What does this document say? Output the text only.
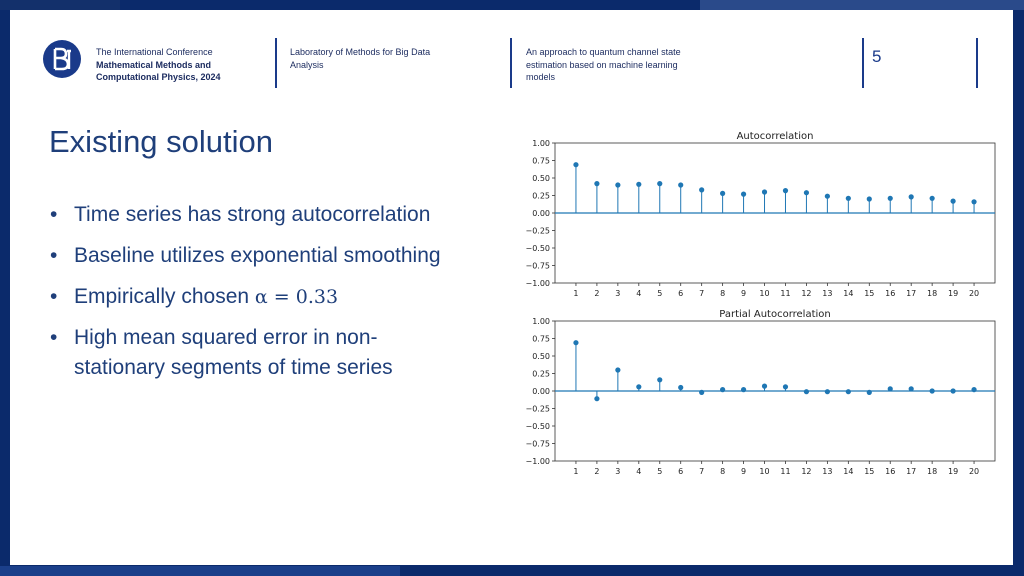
The International Conference
Mathematical Methods and
Computational Physics, 2024
Laboratory of Methods for Big Data
Analysis
An approach to quantum channel state
estimation based on machine learning
models
5
Existing solution
• Time series has strong autocorrelation
• Baseline utilizes exponential smoothing
• Empirically chosen α = 0.33
• High mean squared error in non-
stationary segments of time series
Autocorrelation
1.00
0.75
0.50
0.25
0.00
−0.25
−0.50
−0.75
−1.00
1 2 3 4 5 6 7 8 9 10 11 12 13 14 15 16 17 18 19 20
Partial Autocorrelation
1.00
0.75
0.50
0.25
0.00
−0.25
−0.50
−0.75
−1.00
1 2 3 4 5 6 7 8 9 10 11 12 13 14 15 16 17 18 19 20
